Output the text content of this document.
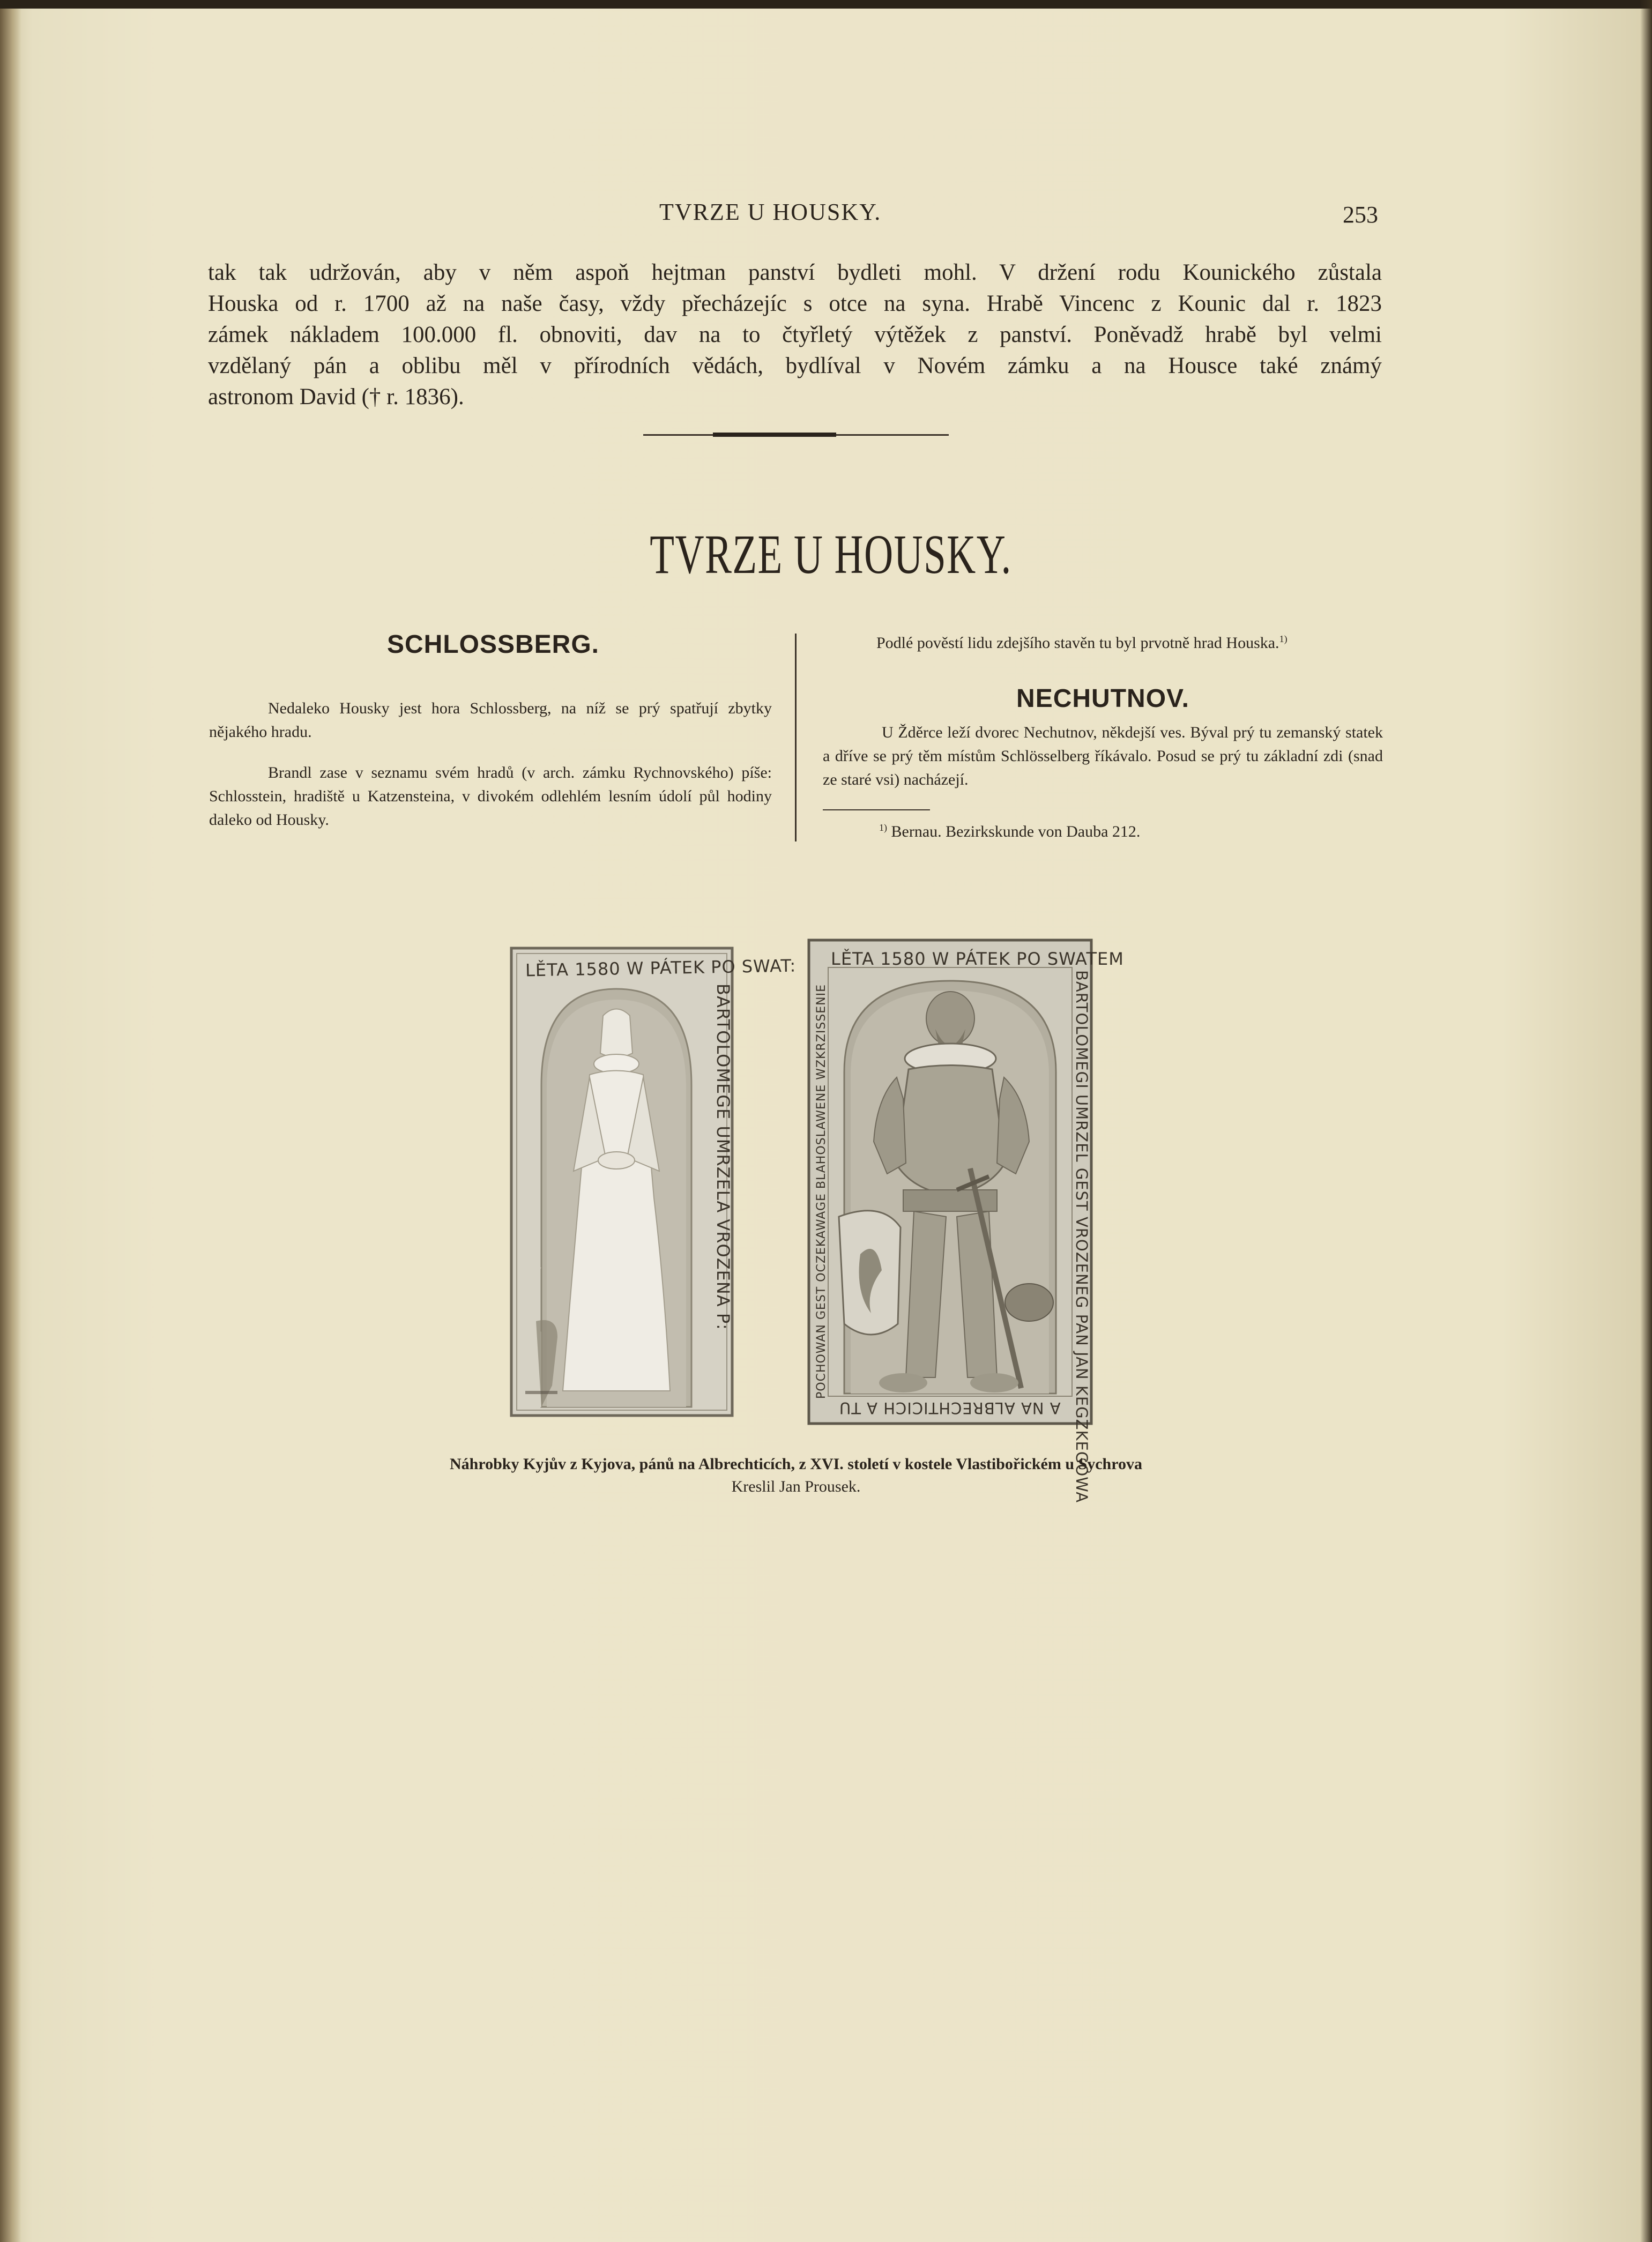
TVRZE U HOUSKY.	253
tak tak udržován, aby v něm aspoň hejtman panství bydleti mohl. V držení rodu Kounického zůstala
Houska od r. 1700 až na naše časy, vždy přecházejíc s otce na syna. Hrabě Vincenc z Kounic dal r. 1823
zámek nákladem 100.000 fl. obnoviti, dav na to čtyřletý výtěžek z panství. Poněvadž hrabě byl velmi
vzdělaný pán a oblibu měl v přírodních vědách, bydlíval v Novém zámku a na Housce také známý
astronom David († r. 1836).
TVRZE U HOUSKY.
SCHLOSSBERG.
Nedaleko Housky jest hora Schlossberg, na níž se prý spatřují zbytky nějakého hradu.
Brandl zase v seznamu svém hradů (v arch. zámku Rychnovského) píše: Schlosstein, hradiště u Katzensteina, v divokém odlehlém lesním údolí půl hodiny daleko od Housky.
Podlé pověstí lidu zdejšího stavěn tu byl prvotně hrad Houska.$^{1)}$
NECHUTNOV.
U Žděrce leží dvorec Nechutnov, někdejší ves. Býval prý tu zemanský statek a dříve se prý těm místům Schlösselberg říkávalo. Posud se prý tu základní zdi (snad ze staré vsi) nacházejí.
$^{1)}$ Bernau. Bezirkskunde von Dauba 212.
LĚTA 1580 W PÁTEK PO SWAT:
BARTOLOMEGE UMRZELA VROZENA P:
LĚTA 1580 W PÁTEK PO SWATEM
BARTOLOMEGI UMRZEL GEST VROZENEG PAN JAN KEGZKEGOWA
POCHOWAN GEST OCZEKAWAGE BLAHOSLAWENE WZKRZISSENIE
A NA ALBRECHTICICH A TU
Náhrobky Kyjův z Kyjova, pánů na Albrechticích, z XVI. století v kostele Vlastibořickém u Sychrova
Kreslil Jan Prousek.
